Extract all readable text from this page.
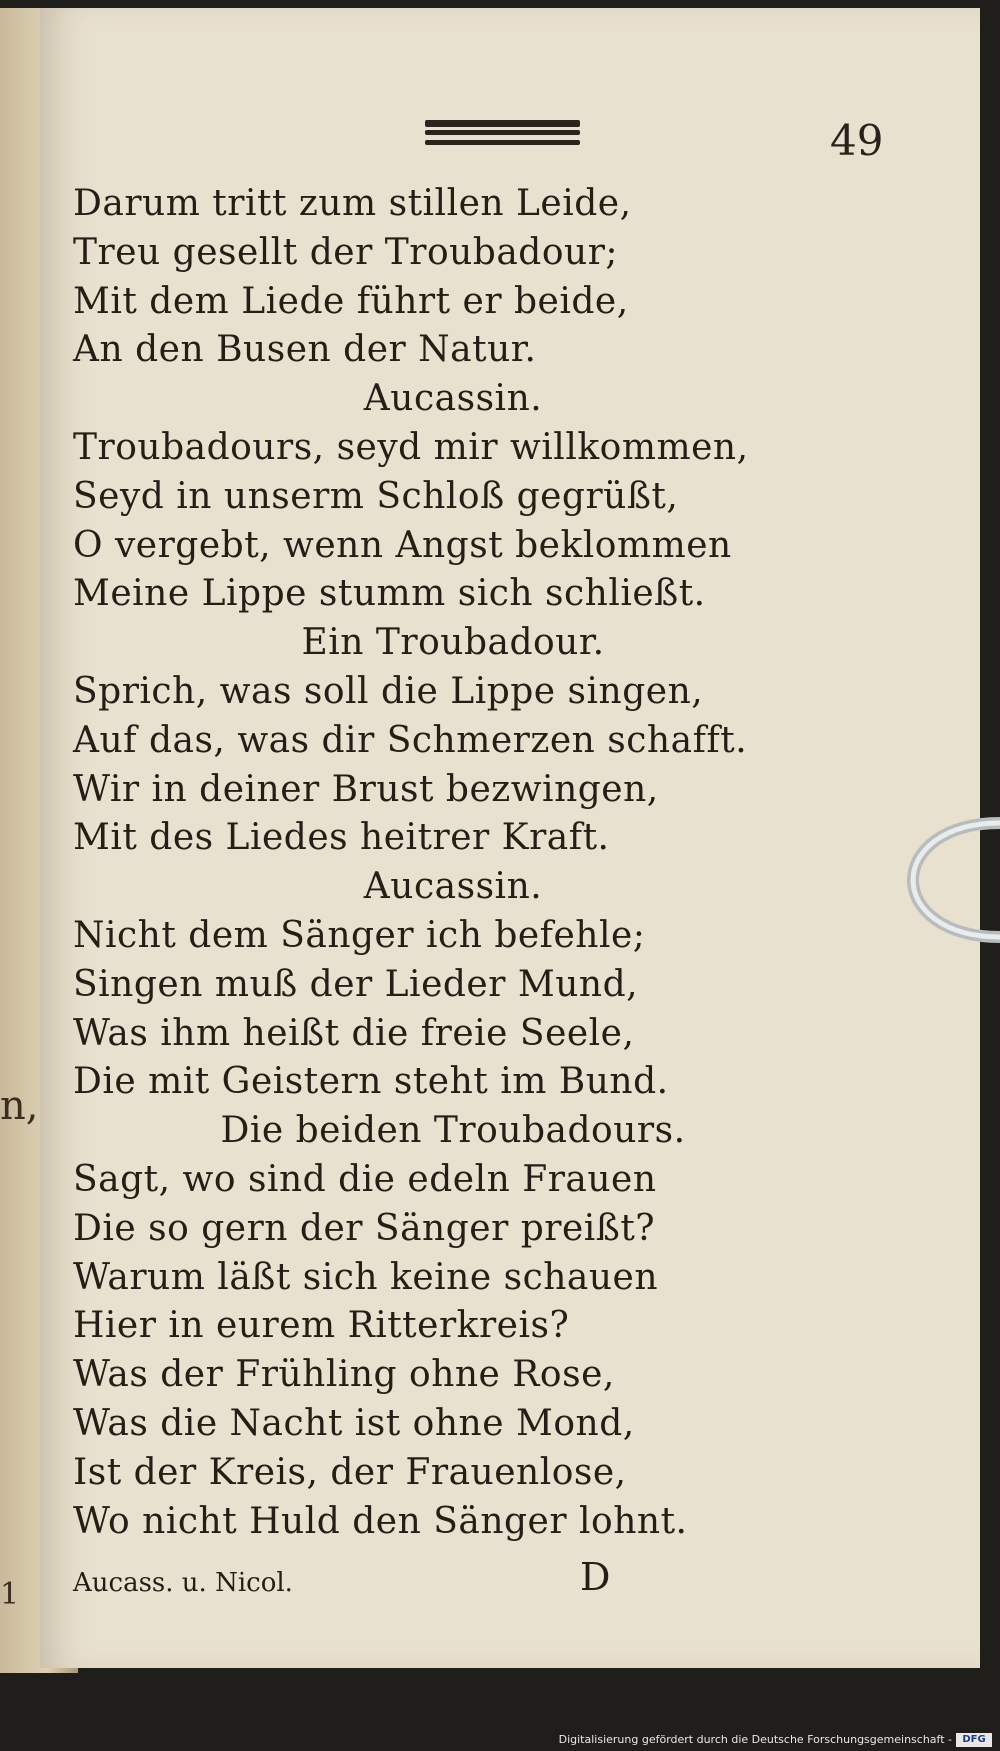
n,
1
49
Darum tritt zum stillen Leide,
Treu gesellt der Troubadour;
Mit dem Liede führt er beide,
An den Busen der Natur.
Aucassin.
Troubadours, seyd mir willkommen,
Seyd in unserm Schloß gegrüßt,
O vergebt, wenn Angst beklommen
Meine Lippe stumm sich schließt.
Ein Troubadour.
Sprich, was soll die Lippe singen,
Auf das, was dir Schmerzen schafft.
Wir in deiner Brust bezwingen,
Mit des Liedes heitrer Kraft.
Aucassin.
Nicht dem Sänger ich befehle;
Singen muß der Lieder Mund,
Was ihm heißt die freie Seele,
Die mit Geistern steht im Bund.
Die beiden Troubadours.
Sagt, wo sind die edeln Frauen
Die so gern der Sänger preißt?
Warum läßt sich keine schauen
Hier in eurem Ritterkreis?
Was der Frühling ohne Rose,
Was die Nacht ist ohne Mond,
Ist der Kreis, der Frauenlose,
Wo nicht Huld den Sänger lohnt.
Aucass. u. Nicol.	D
Digitalisierung gefördert durch die Deutsche Forschungsgemeinschaft -	DFG
